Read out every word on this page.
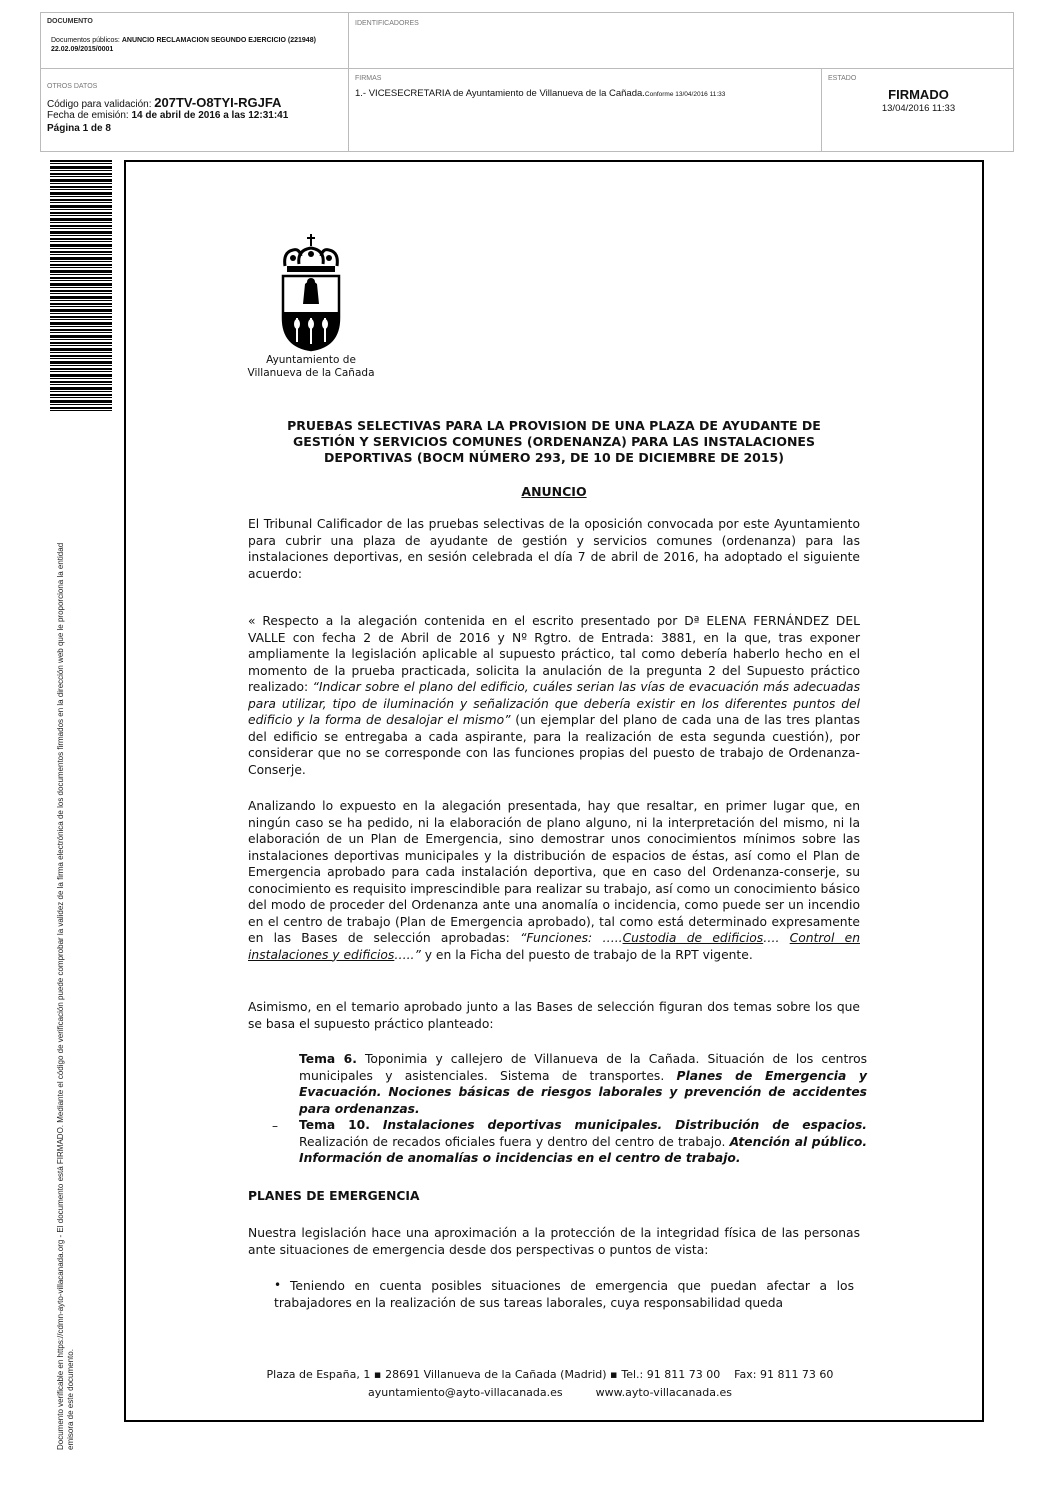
DOCUMENTO
Documentos públicos: ANUNCIO RECLAMACION SEGUNDO EJERCICIO (221948)
22.02.09/2015/0001
IDENTIFICADORES
OTROS DATOS
Código para validación: 207TV-O8TYI-RGJFA
Fecha de emisión: 14 de abril de 2016 a las 12:31:41
Página 1 de 8
FIRMAS
1.- VICESECRETARIA de Ayuntamiento de Villanueva de la Cañada.Conforme 13/04/2016 11:33
ESTADO
FIRMADO
13/04/2016 11:33
Documento verificable en https://cdmn-ayto-villacanada.org - El documento está FIRMADO. Mediante el código de verificación puede comprobar la validez de la firma electrónica de los documentos firmados en la dirección web que le proporciona la entidad emisora de este documento.
Ayuntamiento de
Villanueva de la Cañada
PRUEBAS SELECTIVAS PARA LA PROVISION DE UNA PLAZA DE AYUDANTE DE
GESTIÓN Y SERVICIOS COMUNES (ORDENANZA) PARA LAS INSTALACIONES
DEPORTIVAS (BOCM NÚMERO 293, DE 10 DE DICIEMBRE DE 2015)
ANUNCIO
El Tribunal Calificador de las pruebas selectivas de la oposición convocada por este Ayuntamiento para cubrir una plaza de ayudante de gestión y servicios comunes (ordenanza) para las instalaciones deportivas, en sesión celebrada el día 7 de abril de 2016, ha adoptado el siguiente acuerdo:
« Respecto a la alegación contenida en el escrito presentado por Dª ELENA FERNÁNDEZ DEL VALLE con fecha 2 de Abril de 2016 y Nº Rgtro. de Entrada: 3881, en la que, tras exponer ampliamente la legislación aplicable al supuesto práctico, tal como debería haberlo hecho en el momento de la prueba practicada, solicita la anulación de la pregunta 2 del Supuesto práctico realizado: “Indicar sobre el plano del edificio, cuáles serian las vías de evacuación más adecuadas para utilizar, tipo de iluminación y señalización que debería existir en los diferentes puntos del edificio y la forma de desalojar el mismo” (un ejemplar del plano de cada una de las tres plantas del edificio se entregaba a cada aspirante, para la realización de esta segunda cuestión), por considerar que no se corresponde con las funciones propias del puesto de trabajo de Ordenanza-Conserje.
Analizando lo expuesto en la alegación presentada, hay que resaltar, en primer lugar que, en ningún caso se ha pedido, ni la elaboración de plano alguno, ni la interpretación del mismo, ni la elaboración de un Plan de Emergencia, sino demostrar unos conocimientos mínimos sobre las instalaciones deportivas municipales y la distribución de espacios de éstas, así como el Plan de Emergencia aprobado para cada instalación deportiva, que en caso del Ordenanza-conserje, su conocimiento es requisito imprescindible para realizar su trabajo, así como un conocimiento básico del modo de proceder del Ordenanza ante una anomalía o incidencia, como puede ser un incendio en el centro de trabajo (Plan de Emergencia aprobado), tal como está determinado expresamente en las Bases de selección aprobadas: “Funciones: …..Custodia de edificios…. Control en instalaciones y edificios…..” y en la Ficha del puesto de trabajo de la RPT vigente.
Asimismo, en el temario aprobado junto a las Bases de selección figuran dos temas sobre los que se basa el supuesto práctico planteado:
Tema 6. Toponimia y callejero de Villanueva de la Cañada. Situación de los centros municipales y asistenciales. Sistema de transportes. Planes de Emergencia y Evacuación. Nociones básicas de riesgos laborales y prevención de accidentes para ordenanzas.
– Tema 10. Instalaciones deportivas municipales. Distribución de espacios. Realización de recados oficiales fuera y dentro del centro de trabajo. Atención al público. Información de anomalías o incidencias en el centro de trabajo.
PLANES DE EMERGENCIA
Nuestra legislación hace una aproximación a la protección de la integridad física de las personas ante situaciones de emergencia desde dos perspectivas o puntos de vista:
• Teniendo en cuenta posibles situaciones de emergencia que puedan afectar a los trabajadores en la realización de sus tareas laborales, cuya responsabilidad queda
Plaza de España, 1 ▪ 28691 Villanueva de la Cañada (Madrid) ▪ Tel.: 91 811 73 00    Fax: 91 811 73 60
ayuntamiento@ayto-villacanada.es	www.ayto-villacanada.es
